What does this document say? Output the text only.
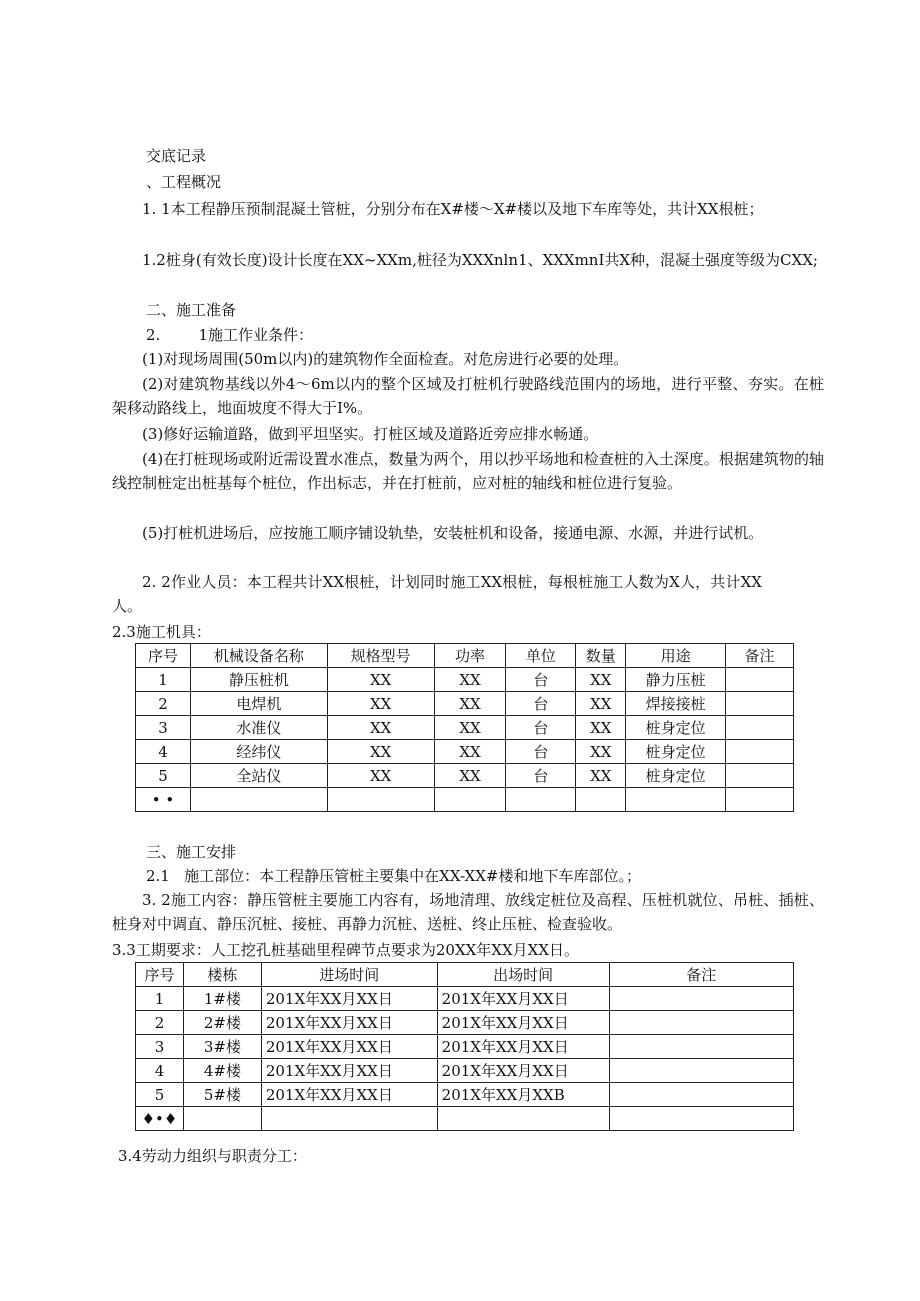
交底记录
、工程概况
1. 1本工程静压预制混凝土管桩，分别分布在X#楼～X#楼以及地下车库等处，共计XX根桩；
1.2桩身(有效长度)设计长度在XX~XXm,桩径为XXXnln1、XXXmnI共X种，混凝土强度等级为CXX;
二、施工准备
2.        1施工作业条件：
(1)对现场周围(50m以内)的建筑物作全面检查。对危房进行必要的处理。
(2)对建筑物基线以外4～6m以内的整个区域及打桩机行驶路线范围内的场地，进行平整、夯实。在桩架移动路线上，地面坡度不得大于I%。
(3)修好运输道路，做到平坦坚实。打桩区域及道路近旁应排水畅通。
(4)在打桩现场或附近需设置水准点，数量为两个，用以抄平场地和检查桩的入土深度。根据建筑物的轴线控制桩定出桩基每个桩位，作出标志，并在打桩前，应对桩的轴线和桩位进行复验。
(5)打桩机进场后，应按施工顺序铺设轨垫，安装桩机和设备，接通电源、水源，并进行试机。
2. 2作业人员：本工程共计XX根桩，计划同时施工XX根桩，每根桩施工人数为X人，共计XX人。
2.3施工机具：
序号	机械设备名称	规格型号	功率	单位	数量	用途	备注
1	静压桩机	XX	XX	台	XX	静力压桩	
2	电焊机	XX	XX	台	XX	焊接接桩	
3	水准仪	XX	XX	台	XX	桩身定位	
4	经纬仪	XX	XX	台	XX	桩身定位	
5	全站仪	XX	XX	台	XX	桩身定位	
• •							
三、施工安排
2.1   施工部位：本工程静压管桩主要集中在XX-XX#楼和地下车库部位。；
3. 2施工内容：静压管桩主要施工内容有，场地清理、放线定桩位及高程、压桩机就位、吊桩、插桩、桩身对中调直、静压沉桩、接桩、再静力沉桩、送桩、终止压桩、检查验收。
3.3工期要求：人工挖孔桩基础里程碑节点要求为20XX年XX月XX日。
序号	楼栋	进场时间	出场时间	备注
1	1#楼	201X年XX月XX日	201X年XX月XX日	
2	2#楼	201X年XX月XX日	201X年XX月XX日	
3	3#楼	201X年XX月XX日	201X年XX月XX日	
4	4#楼	201X年XX月XX日	201X年XX月XX日	
5	5#楼	201X年XX月XX日	201X年XX月XXB	
♦•♦				
3.4劳动力组织与职责分工：
